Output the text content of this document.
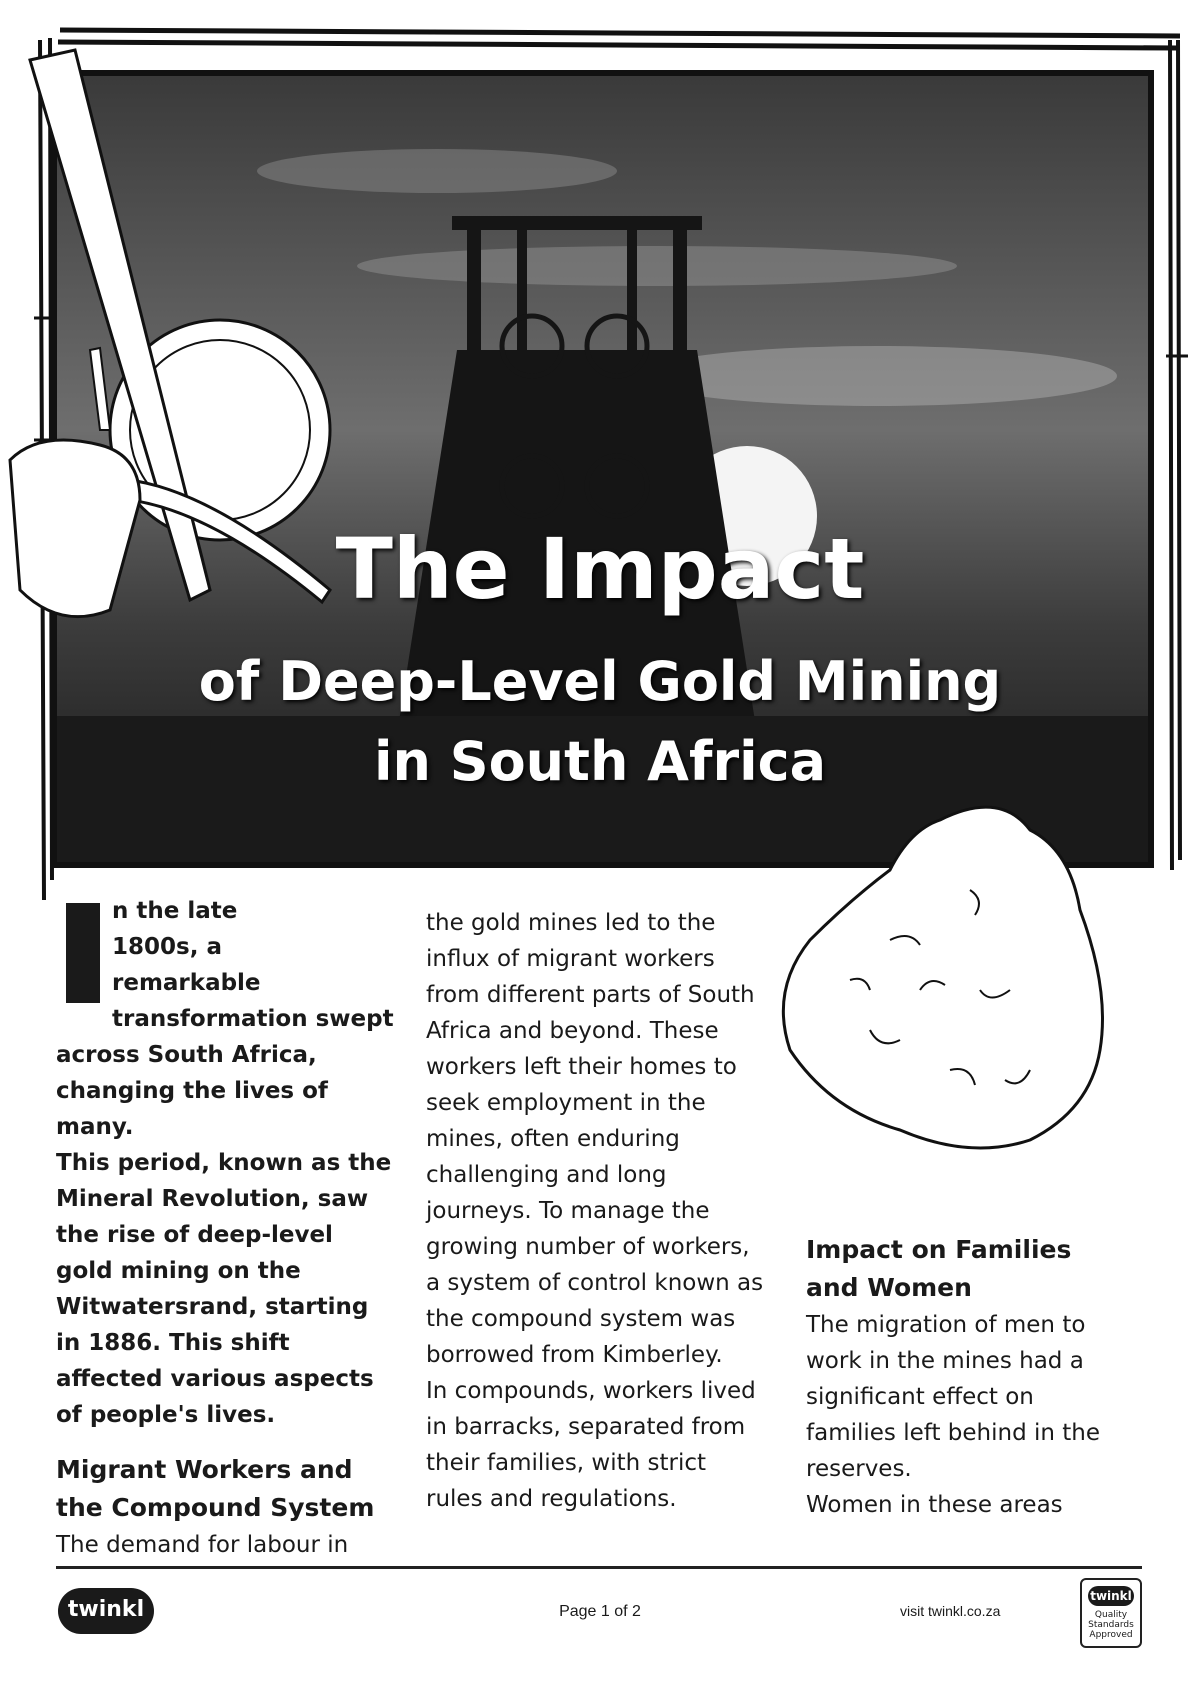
The Impact
of Deep-Level Gold Mining
in South Africa
I	n the late

1800s, a

remarkable

transformation swept

across South Africa, changing the lives of many.

This period, known as the Mineral Revolution, saw the rise of deep-level gold mining on the Witwatersrand, starting in 1886. This shift affected various aspects of people's lives.

Migrant Workers and the Compound System

The demand for labour in

the gold mines led to the influx of migrant workers from different parts of South Africa and beyond. These workers left their homes to seek employment in the mines, often enduring challenging and long journeys. To manage the growing number of workers, a system of control known as the compound system was borrowed from Kimberley.

In compounds, workers lived in barracks, separated from their families, with strict rules and regulations.

Impact on Families and Women

The migration of men to work in the mines had a significant effect on families left behind in the reserves.

Women in these areas

twinkl	Page 1 of 2	visit twinkl.co.za
twinkl
Quality Standards Approved
